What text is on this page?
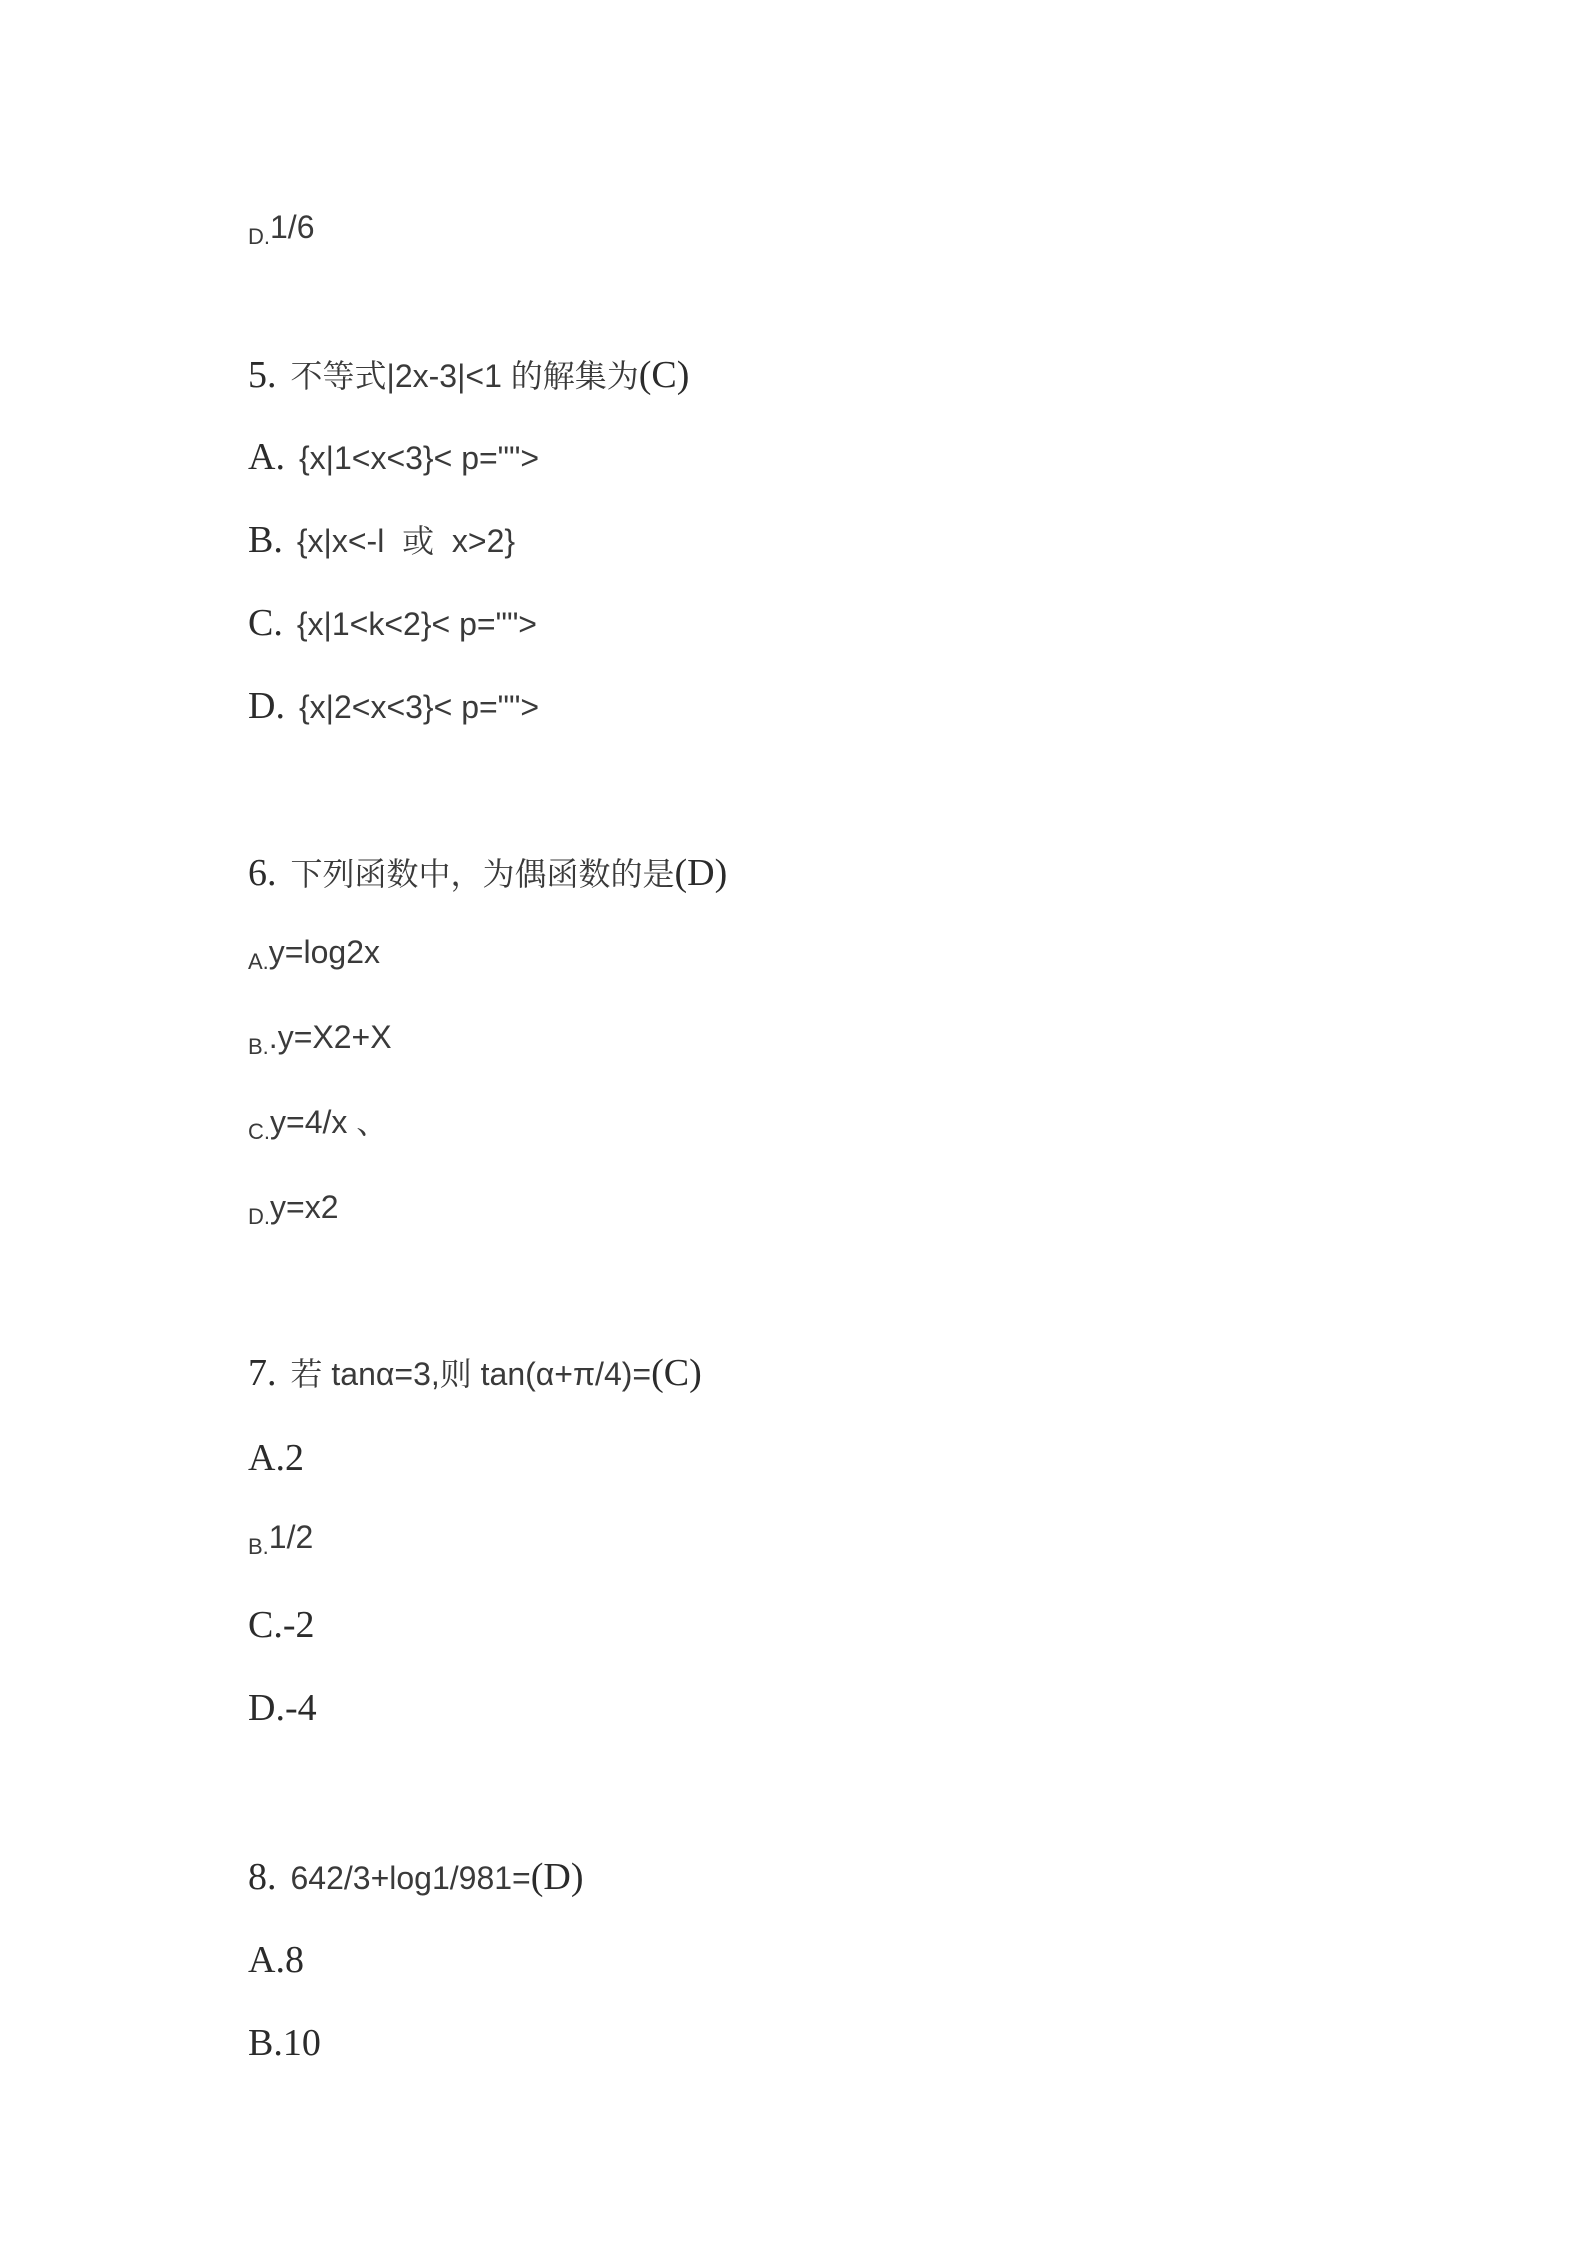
D.1/6

5. 不等式|2x-3|<1 的解集为(C)

A. {x|1<x<3}< p="">

B. {x|x<-l  或  x>2}

C. {x|1<k<2}< p="">

D. {x|2<x<3}< p="">

6. 下列函数中，为偶函数的是(D)

A.y=log2x

B..y=X2+X

C.y=4/x 、

D.y=x2

7. 若 tanα=3,则 tan(α+π/4)=(C)

A.2

B.1/2

C.-2

D.-4

8. 642/3+log1/981=(D)

A.8

B.10
